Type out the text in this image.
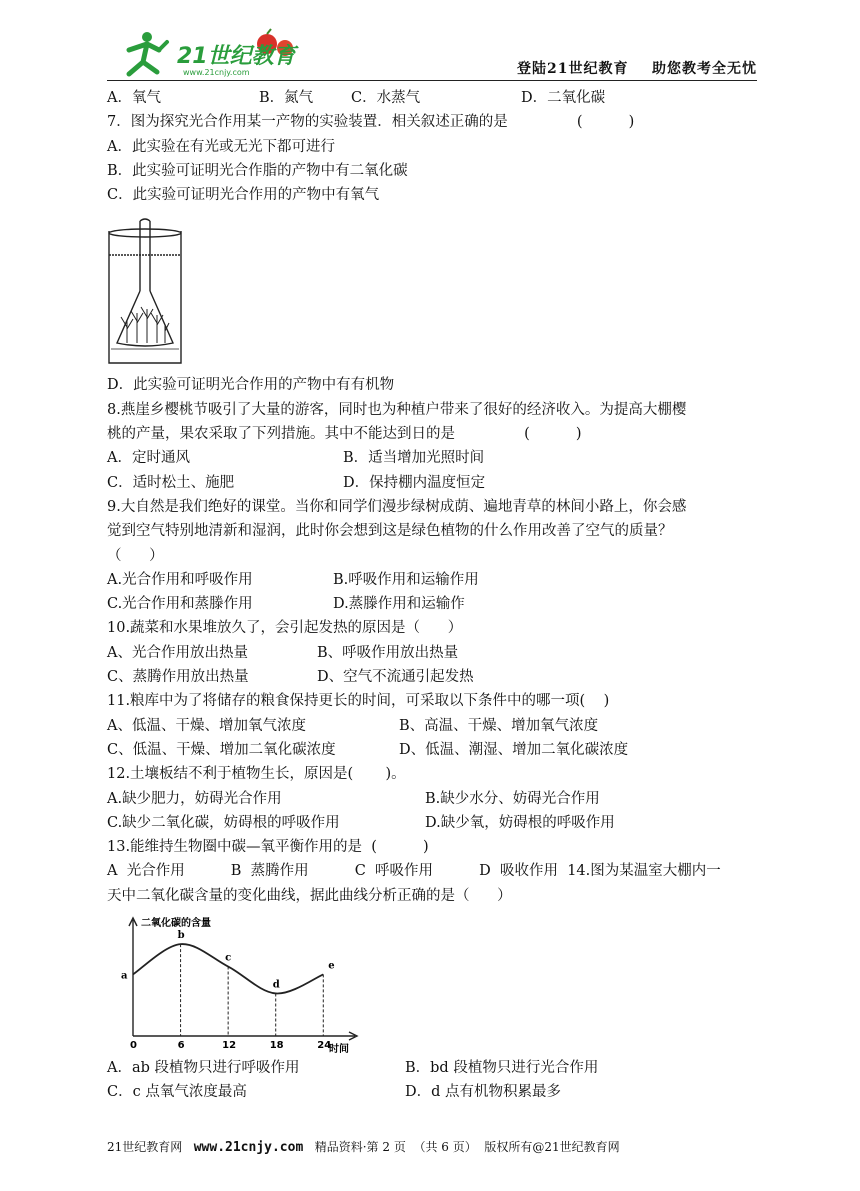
21世纪教育
www.21cnjy.com	登陆21世纪教育    助您教考全无忧
A．氧气	B．氮气	C．水蒸气	D．二氧化碳
7．图为探究光合作用某一产物的实验装置．相关叙述正确的是               (          )
A．此实验在有光或无光下都可进行
B．此实验可证明光合作脂的产物中有二氧化碳
C．此实验可证明光合作用的产物中有氧气
D．此实验可证明光合作用的产物中有有机物
8.燕崖乡樱桃节吸引了大量的游客，同时也为种植户带来了很好的经济收入。为提高大棚樱
桃的产量，果农采取了下列措施。其中不能达到日的是               (          )
A．定时通风	B．适当增加光照时间
C．适时松土、施肥	D．保持棚内温度恒定
9.大自然是我们绝好的课堂。当你和同学们漫步绿树成荫、遍地青草的林间小路上，你会感
觉到空气特别地清新和湿润，此时你会想到这是绿色植物的什么作用改善了空气的质量？
（      ）
A.光合作用和呼吸作用	B.呼吸作用和运输作用
C.光合作用和蒸滕作用	D.蒸滕作用和运输作
10.蔬菜和水果堆放久了，会引起发热的原因是（      ）
A、光合作用放出热量	B、呼吸作用放出热量
C、蒸腾作用放出热量	D、空气不流通引起发热
11.粮库中为了将储存的粮食保持更长的时间，可采取以下条件中的哪一项(    )
A、低温、干燥、增加氧气浓度	B、高温、干燥、增加氧气浓度
C、低温、干燥、增加二氧化碳浓度	D、低温、潮湿、增加二氧化碳浓度
12.土壤板结不利于植物生长，原因是(       )。
A.缺少肥力，妨碍光合作用	B.缺少水分、妨碍光合作用
C.缺少二氧化碳，妨碍根的呼吸作用	D.缺少氧，妨碍根的呼吸作用
13.能维持生物圈中碳—氧平衡作用的是  (          )
A  光合作用          B  蒸腾作用          C  呼吸作用          D  吸收作用  14.图为某温室大棚内一
天中二氧化碳含量的变化曲线，据此曲线分析正确的是（      ）
二氧化碳的含量
0	6	12	18	24
a
b
c
d
e
时间
A．ab 段植物只进行呼吸作用	B．bd 段植物只进行光合作用
C．c 点氧气浓度最高	D．d 点有机物积累最多
21世纪教育网   www.21cnjy.com   精品资料·第 2 页  （共 6 页）  版权所有@21世纪教育网
